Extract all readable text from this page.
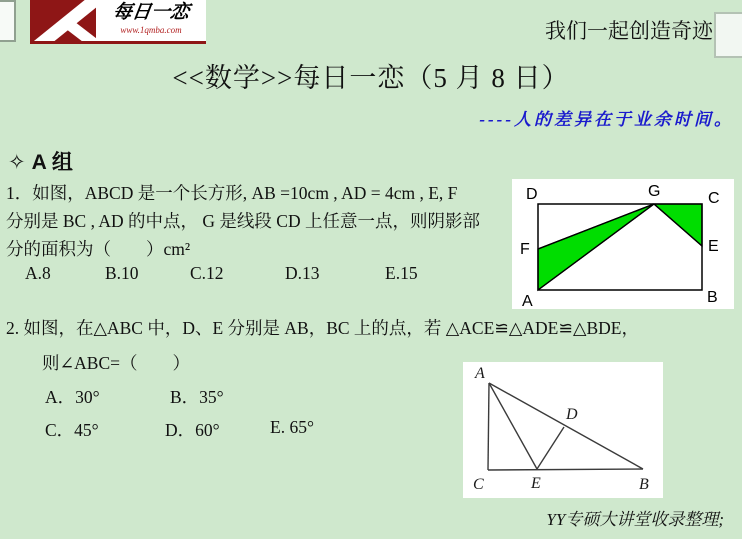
每日一恋
www.1qmba.com	我们一起创造奇迹
<<数学>>每日一恋（5 月 8 日）
----人的差异在于业余时间。
✧ A 组
1．如图，ABCD 是一个长方形, AB =10cm , AD = 4cm , E, F
分别是 BC , AD 的中点， G 是线段 CD 上任意一点，则阴影部
分的面积为（　　）cm²
A.8	B.10	C.12	D.13	E.15
D	G	C
F	E
A	B
2. 如图，在△ABC 中，D、E 分别是 AB，BC 上的点，若 △ACE≌△ADE≌△BDE，
则∠ABC=（　　）
A．30°	B．35°
C．45°	D．60°	E. 65°
A
D
C	E	B
YY专硕大讲堂收录整理;
